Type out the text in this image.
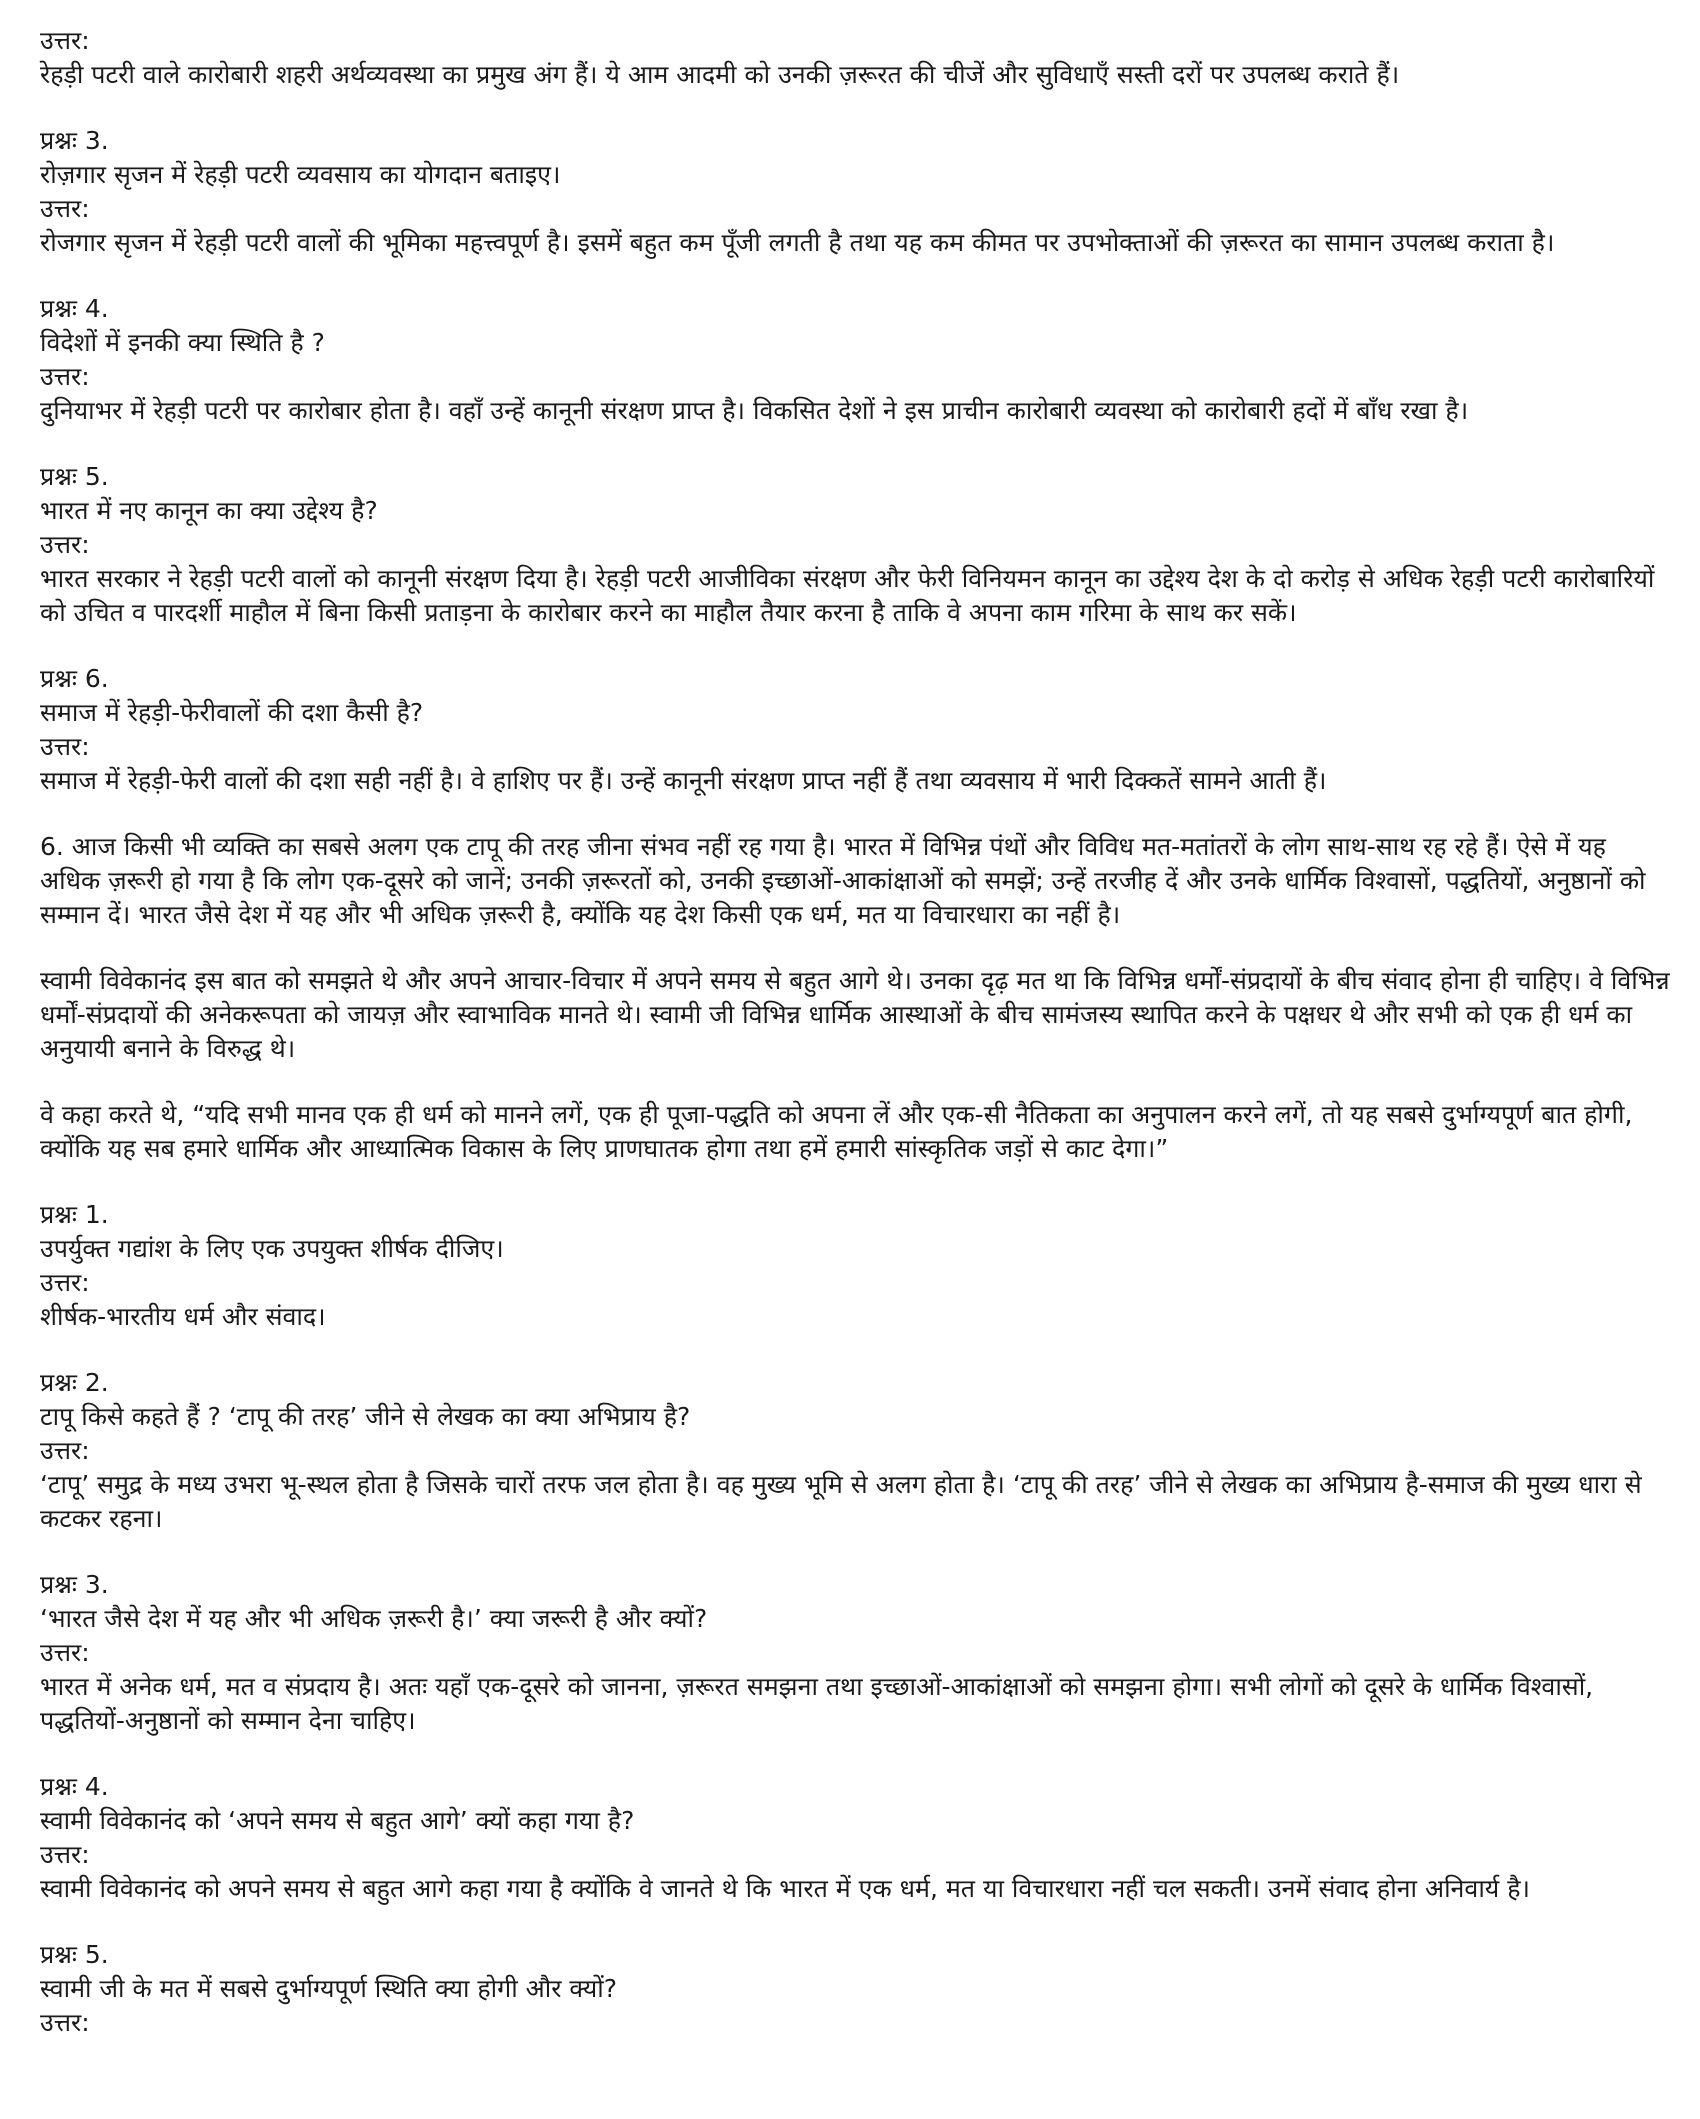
उत्तर:
रेहड़ी पटरी वाले कारोबारी शहरी अर्थव्यवस्था का प्रमुख अंग हैं। ये आम आदमी को उनकी ज़रूरत की चीजें और सुविधाएँ सस्ती दरों पर उपलब्ध कराते हैं।
प्रश्नः 3.
रोज़गार सृजन में रेहड़ी पटरी व्यवसाय का योगदान बताइए।
उत्तर:
रोजगार सृजन में रेहड़ी पटरी वालों की भूमिका महत्त्वपूर्ण है। इसमें बहुत कम पूँजी लगती है तथा यह कम कीमत पर उपभोक्ताओं की ज़रूरत का सामान उपलब्ध कराता है।
प्रश्नः 4.
विदेशों में इनकी क्या स्थिति है ?
उत्तर:
दुनियाभर में रेहड़ी पटरी पर कारोबार होता है। वहाँ उन्हें कानूनी संरक्षण प्राप्त है। विकसित देशों ने इस प्राचीन कारोबारी व्यवस्था को कारोबारी हदों में बाँध रखा है।
प्रश्नः 5.
भारत में नए कानून का क्या उद्देश्य है?
उत्तर:
भारत सरकार ने रेहड़ी पटरी वालों को कानूनी संरक्षण दिया है। रेहड़ी पटरी आजीविका संरक्षण और फेरी विनियमन कानून का उद्देश्य देश के दो करोड़ से अधिक रेहड़ी पटरी कारोबारियों को उचित व पारदर्शी माहौल में बिना किसी प्रताड़ना के कारोबार करने का माहौल तैयार करना है ताकि वे अपना काम गरिमा के साथ कर सकें।
प्रश्नः 6.
समाज में रेहड़ी-फेरीवालों की दशा कैसी है?
उत्तर:
समाज में रेहड़ी-फेरी वालों की दशा सही नहीं है। वे हाशिए पर हैं। उन्हें कानूनी संरक्षण प्राप्त नहीं हैं तथा व्यवसाय में भारी दिक्कतें सामने आती हैं।

6. आज किसी भी व्यक्ति का सबसे अलग एक टापू की तरह जीना संभव नहीं रह गया है। भारत में विभिन्न पंथों और विविध मत-मतांतरों के लोग साथ-साथ रह रहे हैं। ऐसे में यह अधिक ज़रूरी हो गया है कि लोग एक-दूसरे को जानें; उनकी ज़रूरतों को, उनकी इच्छाओं-आकांक्षाओं को समझें; उन्हें तरजीह दें और उनके धार्मिक विश्वासों, पद्धतियों, अनुष्ठानों को सम्मान दें। भारत जैसे देश में यह और भी अधिक ज़रूरी है, क्योंकि यह देश किसी एक धर्म, मत या विचारधारा का नहीं है।

स्वामी विवेकानंद इस बात को समझते थे और अपने आचार-विचार में अपने समय से बहुत आगे थे। उनका दृढ़ मत था कि विभिन्न धर्मों-संप्रदायों के बीच संवाद होना ही चाहिए। वे विभिन्न धर्मों-संप्रदायों की अनेकरूपता को जायज़ और स्वाभाविक मानते थे। स्वामी जी विभिन्न धार्मिक आस्थाओं के बीच सामंजस्य स्थापित करने के पक्षधर थे और सभी को एक ही धर्म का अनुयायी बनाने के विरुद्ध थे।

वे कहा करते थे, “यदि सभी मानव एक ही धर्म को मानने लगें, एक ही पूजा-पद्धति को अपना लें और एक-सी नैतिकता का अनुपालन करने लगें, तो यह सबसे दुर्भाग्यपूर्ण बात होगी, क्योंकि यह सब हमारे धार्मिक और आध्यात्मिक विकास के लिए प्राणघातक होगा तथा हमें हमारी सांस्कृतिक जड़ों से काट देगा।”

प्रश्नः 1.
उपर्युक्त गद्यांश के लिए एक उपयुक्त शीर्षक दीजिए।
उत्तर:
शीर्षक-भारतीय धर्म और संवाद।
प्रश्नः 2.
टापू किसे कहते हैं ? ‘टापू की तरह’ जीने से लेखक का क्या अभिप्राय है?
उत्तर:
‘टापू’ समुद्र के मध्य उभरा भू-स्थल होता है जिसके चारों तरफ जल होता है। वह मुख्य भूमि से अलग होता है। ‘टापू की तरह’ जीने से लेखक का अभिप्राय है-समाज की मुख्य धारा से कटकर रहना।
प्रश्नः 3.
‘भारत जैसे देश में यह और भी अधिक ज़रूरी है।’ क्या जरूरी है और क्यों?
उत्तर:
भारत में अनेक धर्म, मत व संप्रदाय है। अतः यहाँ एक-दूसरे को जानना, ज़रूरत समझना तथा इच्छाओं-आकांक्षाओं को समझना होगा। सभी लोगों को दूसरे के धार्मिक विश्वासों, पद्धतियों-अनुष्ठानों को सम्मान देना चाहिए।
प्रश्नः 4.
स्वामी विवेकानंद को ‘अपने समय से बहुत आगे’ क्यों कहा गया है?
उत्तर:
स्वामी विवेकानंद को अपने समय से बहुत आगे कहा गया है क्योंकि वे जानते थे कि भारत में एक धर्म, मत या विचारधारा नहीं चल सकती। उनमें संवाद होना अनिवार्य है।
प्रश्नः 5.
स्वामी जी के मत में सबसे दुर्भाग्यपूर्ण स्थिति क्या होगी और क्यों?
उत्तर:
